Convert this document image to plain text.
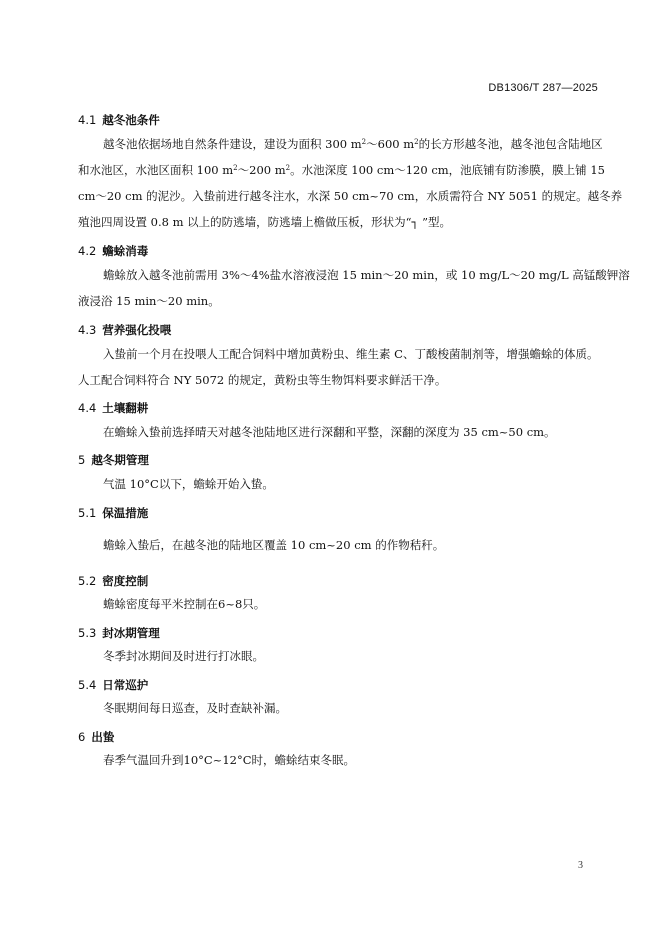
DB1306/T 287—2025
4.1 越冬池条件
越冬池依据场地自然条件建设，建设为面积 300 $m^2\sim 600$ $m^2$的长方形越冬池，越冬池包含陆地区
和水池区，水池区面积 100 $m^2\sim 200$ $m^2$。水池深度 100 cm～120 cm，池底铺有防渗膜，膜上铺 15
cm～20 cm 的泥沙。入蛰前进行越冬注水，水深 50 cm~70 cm，水质需符合 NY 5051 的规定。越冬养
殖池四周设置 0.8 m 以上的防逃墙，防逃墙上檐做压板，形状为“┐ ”型。
4.2 蟾蜍消毒
蟾蜍放入越冬池前需用 3%～4%盐水溶液浸泡 15 min～20 min，或 10 mg/L～20 mg/L 高锰酸钾溶
液浸浴 15 min～20 min。
4.3 营养强化投喂
入蛰前一个月在投喂人工配合饲料中增加黄粉虫、维生素 C、丁酸梭菌制剂等，增强蟾蜍的体质。
人工配合饲料符合 NY 5072 的规定，黄粉虫等生物饵料要求鲜活干净。
4.4 土壤翻耕
在蟾蜍入蛰前选择晴天对越冬池陆地区进行深翻和平整，深翻的深度为 35 cm~50 cm。
5 越冬期管理
气温 10°C以下，蟾蜍开始入蛰。
5.1 保温措施
蟾蜍入蛰后，在越冬池的陆地区覆盖 10 cm~20 cm 的作物秸秆。
5.2 密度控制
蟾蜍密度每平米控制在6~8只。
5.3 封冰期管理
冬季封冰期间及时进行打冰眼。
5.4 日常巡护
冬眠期间每日巡查，及时查缺补漏。
6 出蛰
春季气温回升到10°C~12°C时，蟾蜍结束冬眠。
3
